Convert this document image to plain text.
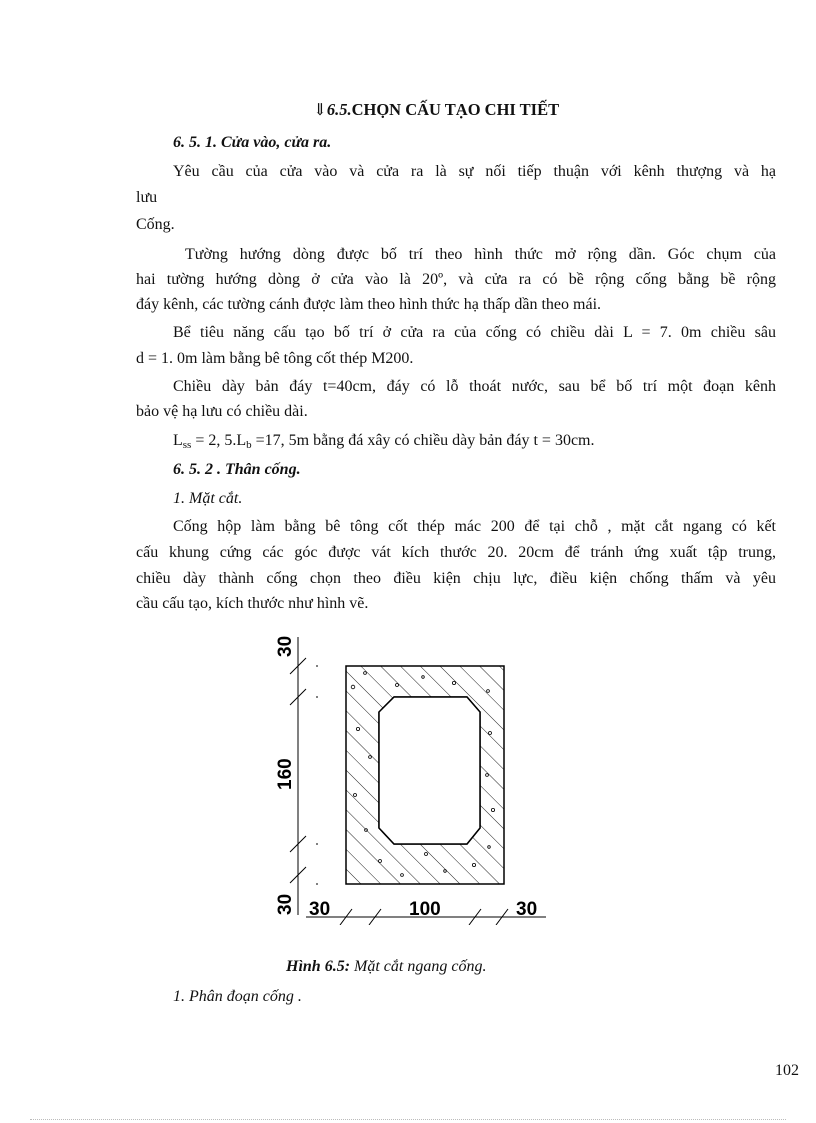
⇓6.5.CHỌN CẤU TẠO CHI TIẾT
6. 5. 1. Cửa vào, cửa ra.
Yêu cầu của cửa vào và cửa ra là sự nối tiếp thuận với kênh thượng và hạ
lưu
Cống.
Tường hướng dòng được bố trí theo hình thức mở rộng dần. Góc chụm của
hai tường hướng dòng ở cửa vào là 20º, và cửa ra có bề rộng cống bằng bề rộng
đáy kênh, các tường cánh được làm theo hình thức hạ thấp dần theo mái.
Bể tiêu năng cấu tạo bố trí ở cửa ra của cống có chiều dài L = 7. 0m chiều sâu
d = 1. 0m làm bằng bê tông cốt thép M200.
Chiều dày bản đáy t=40cm, đáy có lỗ thoát nước, sau bể bố trí một đoạn kênh
bảo vệ hạ lưu có chiều dài.
$L_{ss} = 2$, $5.L_b =17$, 5m bằng đá xây có chiều dày bản đáy t = 30cm.
6. 5. 2 . Thân cống.
1. Mặt cắt.
Cống hộp làm bằng bê tông cốt thép mác 200 để tại chỗ , mặt cắt ngang có kết
cấu khung cứng các góc được vát kích thước 20. 20cm để tránh ứng xuất tập trung,
chiều dày thành cống chọn theo điều kiện chịu lực, điều kiện chống thấm và yêu
cầu cấu tạo, kích thước như hình vẽ.
30
160
30 30	100	30
Hình 6.5: Mặt cắt ngang cống.
1. Phân đoạn cống .
102
